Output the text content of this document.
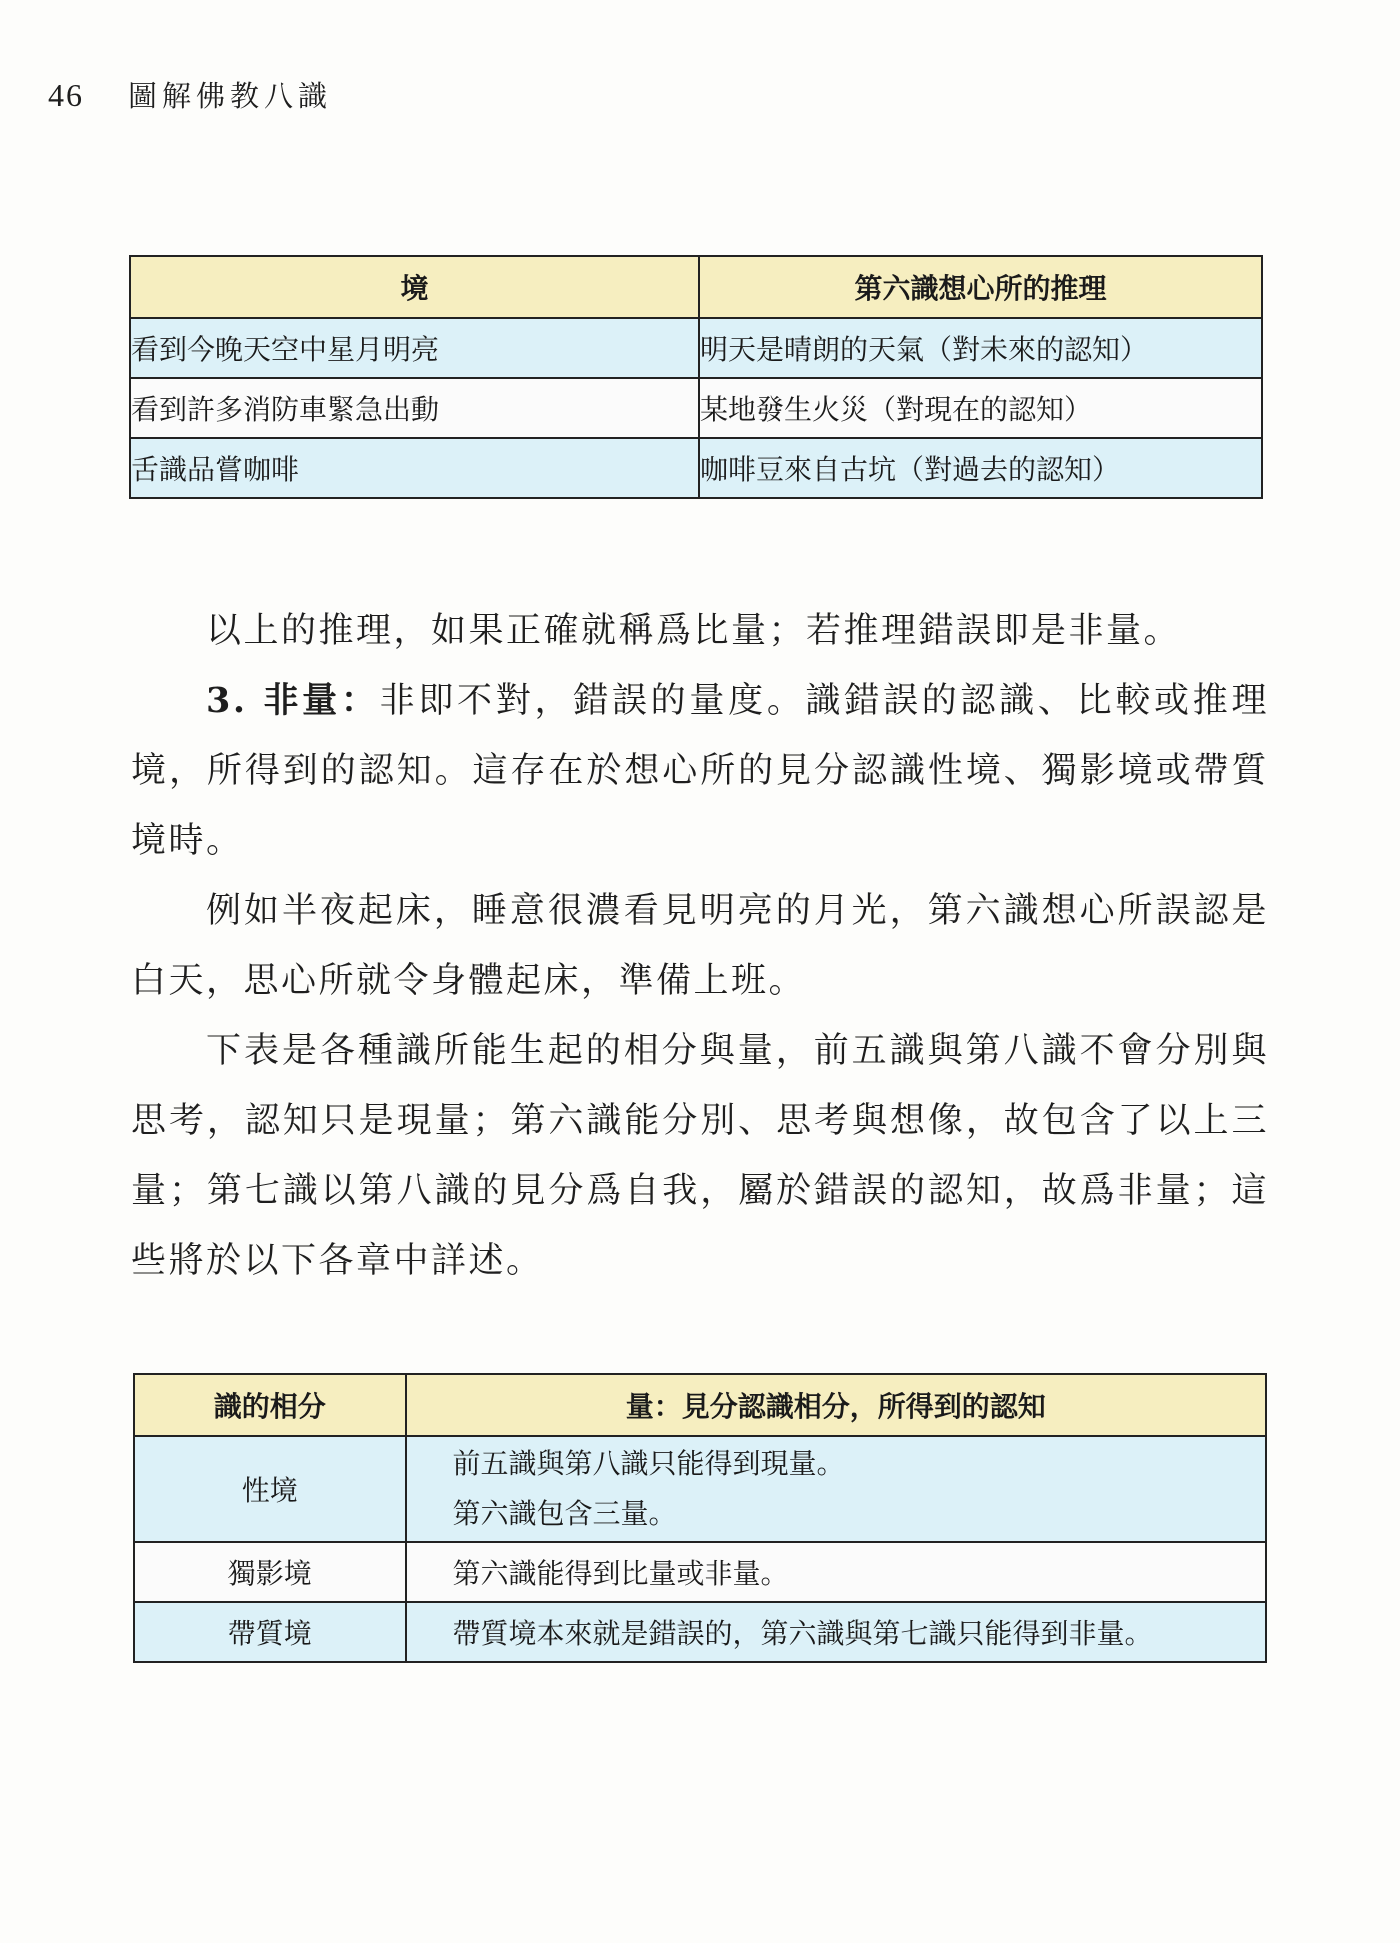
46 圖解佛教八識
境	第六識想心所的推理
看到今晚天空中星月明亮	明天是晴朗的天氣（對未來的認知）
看到許多消防車緊急出動	某地發生火災（對現在的認知）
舌識品嘗咖啡	咖啡豆來自古坑（對過去的認知）

以上的推理，如果正確就稱爲比量；若推理錯誤即是非量。

3. 非量：非即不對，錯誤的量度。識錯誤的認識、比較或推理境，所得到的認知。這存在於想心所的見分認識性境、獨影境或帶質境時。

例如半夜起床，睡意很濃看見明亮的月光，第六識想心所誤認是白天，思心所就令身體起床，準備上班。

下表是各種識所能生起的相分與量，前五識與第八識不會分別與思考，認知只是現量；第六識能分別、思考與想像，故包含了以上三量；第七識以第八識的見分爲自我，屬於錯誤的認知，故爲非量；這些將於以下各章中詳述。

識的相分	量：見分認識相分，所得到的認知
性境	前五識與第八識只能得到現量。
第六識包含三量。

獨影境	第六識能得到比量或非量。
帶質境	帶質境本來就是錯誤的，第六識與第七識只能得到非量。
